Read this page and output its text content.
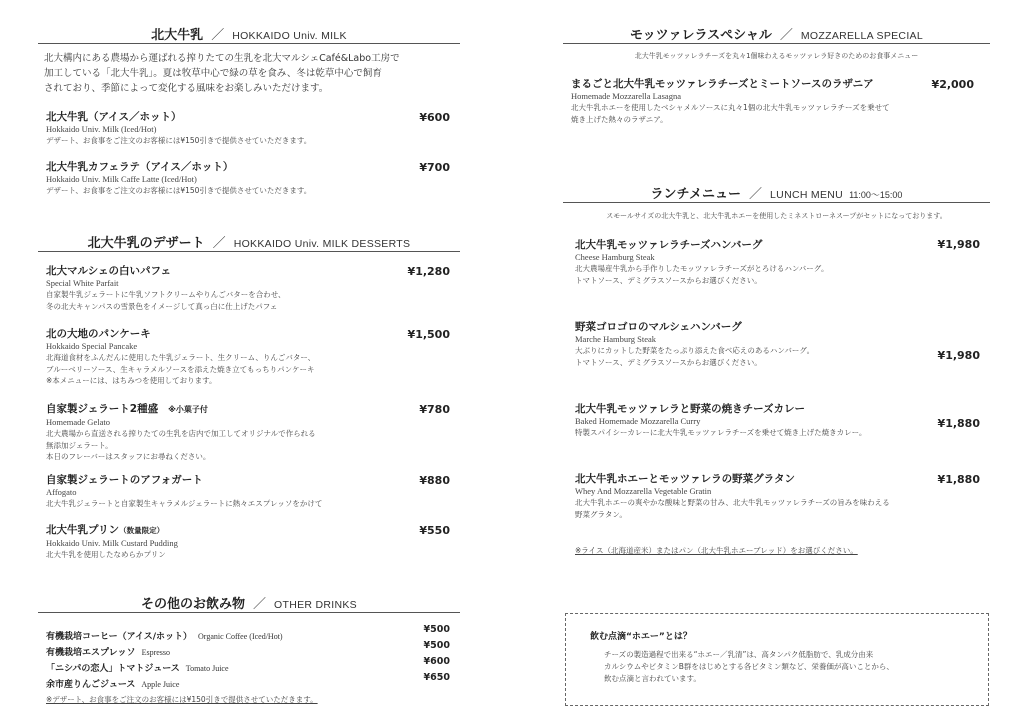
北大牛乳 ／ HOKKAIDO Univ. MILK
北大構内にある農場から運ばれる搾りたての生乳を北大マルシェCafé&Labo工房で
加工している「北大牛乳」。夏は牧草中心で緑の草を食み、冬は乾草中心で飼育
されており、季節によって変化する風味をお楽しみいただけます。
北大牛乳（アイス／ホット）
Hokkaido Univ. Milk (Iced/Hot)
デザート、お食事をご注文のお客様には¥150引きで提供させていただきます。
¥600
北大牛乳カフェラテ（アイス／ホット）
Hokkaido Univ. Milk Caffe Latte (Iced/Hot)
デザート、お食事をご注文のお客様には¥150引きで提供させていただきます。
¥700
北大牛乳のデザート ／ HOKKAIDO Univ. MILK DESSERTS
北大マルシェの白いパフェ
Special White Parfait
自家製牛乳ジェラートに牛乳ソフトクリームやりんごバターを合わせ、
冬の北大キャンパスの雪景色をイメージして真っ白に仕上げたパフェ
¥1,280
北の大地のパンケーキ
Hokkaido Special Pancake
北海道食材をふんだんに使用した牛乳ジェラート、生クリーム、りんごバター、
ブルーベリーソース、生キャラメルソースを添えた焼き立てもっちりパンケーキ
※本メニューには、はちみつを使用しております。
¥1,500
自家製ジェラート2種盛 ※小菓子付
Homemade Gelato
北大農場から直送される搾りたての生乳を店内で加工してオリジナルで作られる
無添加ジェラート。
本日のフレーバーはスタッフにお尋ねください。
¥780
自家製ジェラートのアフォガート
Affogato
北大牛乳ジェラートと自家製生キャラメルジェラートに熱々エスプレッソをかけて
¥880
北大牛乳プリン（数量限定）
Hokkaido Univ. Milk Custard Pudding
北大牛乳を使用したなめらかプリン
¥550
その他のお飲み物 ／ OTHER DRINKS
有機栽培コーヒー（アイス/ホット） Organic Coffee (Iced/Hot)
¥500
有機栽培エスプレッソ Espresso
¥500
「ニシパの恋人」トマトジュース Tomato Juice
¥600
余市産りんごジュース Apple Juice
¥650
※デザート、お食事をご注文のお客様には¥150引きで提供させていただきます。
モッツァレラスペシャル ／ MOZZARELLA SPECIAL
北大牛乳モッツァレラチーズを丸々1個味わえるモッツァレラ好きのためのお食事メニュー
まるごと北大牛乳モッツァレラチーズとミートソースのラザニア
Homemade Mozzarella Lasagna
北大牛乳ホエーを使用したベシャメルソースに丸々1個の北大牛乳モッツァレラチーズを乗せて
焼き上げた熱々のラザニア。
¥2,000
ランチメニュー ／ LUNCH MENU 11:00～15:00
スモールサイズの北大牛乳と、北大牛乳ホエーを使用したミネストローネスープがセットになっております。
北大牛乳モッツァレラチーズハンバーグ
Cheese Hamburg Steak
北大農場産牛乳から手作りしたモッツァレラチーズがとろけるハンバーグ。
トマトソース、デミグラスソースからお選びください。
¥1,980
野菜ゴロゴロのマルシェハンバーグ
Marche Hamburg Steak
大ぶりにカットした野菜をたっぷり添えた食べ応えのあるハンバーグ。
トマトソース、デミグラスソースからお選びください。	¥1,980
北大牛乳モッツァレラと野菜の焼きチーズカレー
Baked Homemade Mozzarella Curry
特製スパイシーカレーに北大牛乳モッツァレラチーズを乗せて焼き上げた焼きカレー。
¥1,880
北大牛乳ホエーとモッツァレラの野菜グラタン
Whey And Mozzarella Vegetable Gratin
北大牛乳ホエーの爽やかな酸味と野菜の甘み、北大牛乳モッツァレラチーズの旨みを味わえる
野菜グラタン。
¥1,880
※ライス（北海道産米）またはパン（北大牛乳ホエーブレッド）をお選びください。
飲む点滴“ホエー”とは？
チーズの製造過程で出来る“ホエー／乳清”は、高タンパク低脂肪で、乳成分由来
カルシウムやビタミンB群をはじめとする各ビタミン類など、栄養価が高いことから、
飲む点滴と言われています。
